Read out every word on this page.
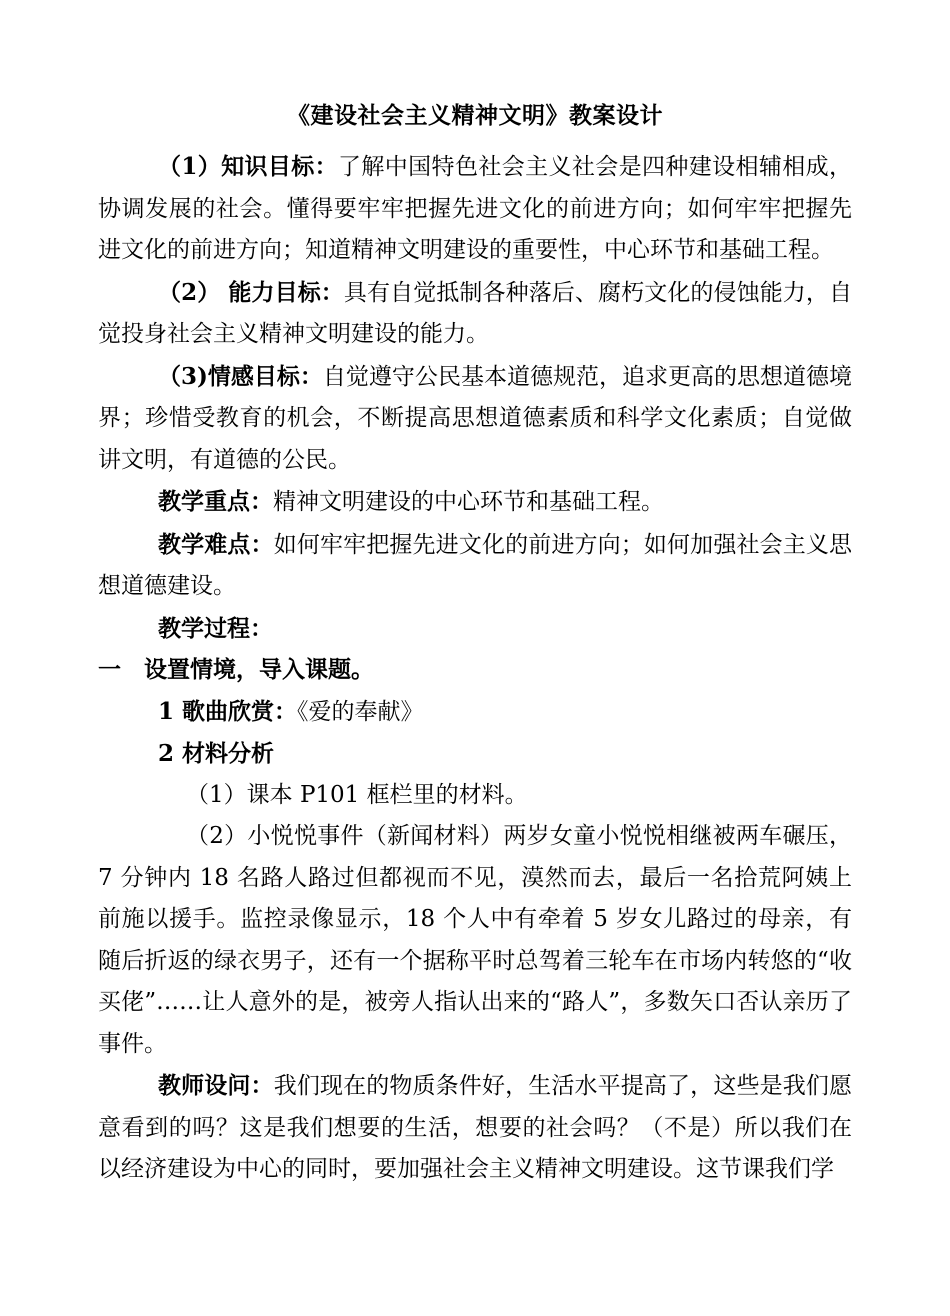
《建设社会主义精神文明》教案设计

（1）知识目标：了解中国特色社会主义社会是四种建设相辅相成，协调发展的社会。懂得要牢牢把握先进文化的前进方向；如何牢牢把握先进文化的前进方向；知道精神文明建设的重要性，中心环节和基础工程。

（2） 能力目标：具有自觉抵制各种落后、腐朽文化的侵蚀能力，自觉投身社会主义精神文明建设的能力。

（3)情感目标：自觉遵守公民基本道德规范，追求更高的思想道德境界；珍惜受教育的机会，不断提高思想道德素质和科学文化素质；自觉做讲文明，有道德的公民。

教学重点：精神文明建设的中心环节和基础工程。

教学难点：如何牢牢把握先进文化的前进方向；如何加强社会主义思想道德建设。

教学过程：

一 设置情境，导入课题。

1 歌曲欣赏：《爱的奉献》

2 材料分析

（1）课本 P101 框栏里的材料。

（2）小悦悦事件（新闻材料）两岁女童小悦悦相继被两车碾压，7 分钟内 18 名路人路过但都视而不见，漠然而去，最后一名拾荒阿姨上前施以援手。监控录像显示，18 个人中有牵着 5 岁女儿路过的母亲，有随后折返的绿衣男子，还有一个据称平时总驾着三轮车在市场内转悠的“收买佬”……让人意外的是，被旁人指认出来的“路人”，多数矢口否认亲历了事件。

教师设问：我们现在的物质条件好，生活水平提高了，这些是我们愿意看到的吗？这是我们想要的生活，想要的社会吗？（不是）所以我们在以经济建设为中心的同时，要加强社会主义精神文明建设。这节课我们学
